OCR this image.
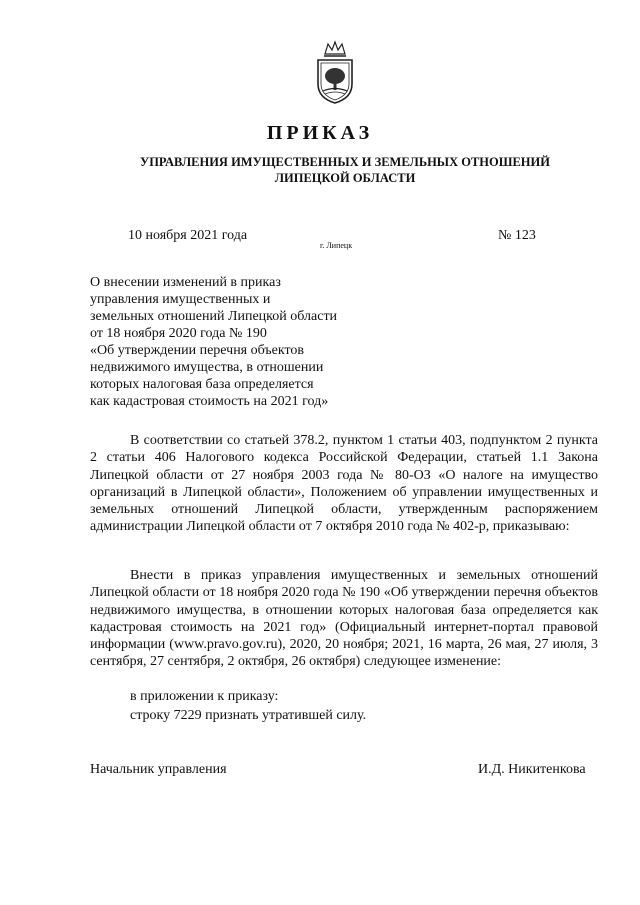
ПРИКАЗ
УПРАВЛЕНИЯ ИМУЩЕСТВЕННЫХ И ЗЕМЕЛЬНЫХ ОТНОШЕНИЙ
ЛИПЕЦКОЙ ОБЛАСТИ
10 ноября 2021 года	№ 123
г. Липецк
О внесении изменений в приказ
управления имущественных и
земельных отношений Липецкой области
от 18 ноября 2020 года № 190
«Об утверждении перечня объектов
недвижимого имущества, в отношении
которых налоговая база определяется
как кадастровая стоимость на 2021 год»

В соответствии со статьей 378.2, пунктом 1 статьи 403, подпунктом 2 пункта 2 статьи 406 Налогового кодекса Российской Федерации, статьей 1.1 Закона Липецкой области от 27 ноября 2003 года № 80-ОЗ «О налоге на имущество организаций в Липецкой области», Положением об управлении имущественных и земельных отношений Липецкой области, утвержденным распоряжением администрации Липецкой области от 7 октября 2010 года № 402-р, приказываю:

Внести в приказ управления имущественных и земельных отношений Липецкой области от 18 ноября 2020 года № 190 «Об утверждении перечня объектов недвижимого имущества, в отношении которых налоговая база определяется как кадастровая стоимость на 2021 год» (Официальный интернет-портал правовой информации (www.pravo.gov.ru), 2020, 20 ноября; 2021, 16 марта, 26 мая, 27 июля, 3 сентября, 27 сентября, 2 октября, 26 октября) следующее изменение:

в приложении к приказу:
строку 7229 признать утратившей силу.
Начальник управления	И.Д. Никитенкова
